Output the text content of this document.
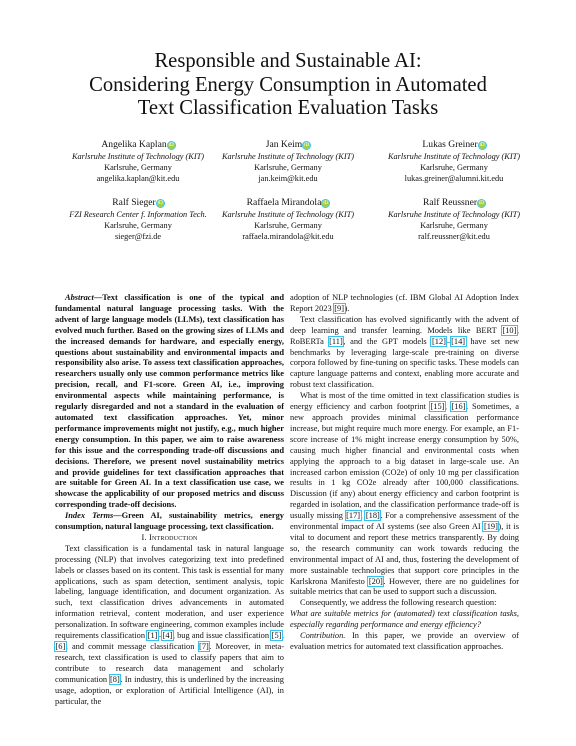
Responsible and Sustainable AI:
Considering Energy Consumption in Automated
Text Classification Evaluation Tasks
Angelika Kaplan iD
Karlsruhe Institute of Technology (KIT)
Karlsruhe, Germany
angelika.kaplan@kit.edu
Jan Keim iD
Karlsruhe Institute of Technology (KIT)
Karlsruhe, Germany
jan.keim@kit.edu
Lukas Greiner iD
Karlsruhe Institute of Technology (KIT)
Karlsruhe, Germany
lukas.greiner@alumni.kit.edu
Ralf Sieger iD
FZI Research Center f. Information Tech.
Karlsruhe, Germany
sieger@fzi.de
Raffaela Mirandola iD
Karlsruhe Institute of Technology (KIT)
Karlsruhe, Germany
raffaela.mirandola@kit.edu
Ralf Reussner iD
Karlsruhe Institute of Technology (KIT)
Karlsruhe, Germany
ralf.reussner@kit.edu

Abstract—Text classification is one of the typical and fundamental natural language processing tasks. With the advent of large language models (LLMs), text classification has evolved much further. Based on the growing sizes of LLMs and the increased demands for hardware, and especially energy, questions about sustainability and environmental impacts and responsibility also arise. To assess text classification approaches, researchers usually only use common performance metrics like precision, recall, and F1-score. Green AI, i.e., improving environmental aspects while maintaining performance, is regularly disregarded and not a standard in the evaluation of automated text classification approaches. Yet, minor performance improvements might not justify, e.g., much higher energy consumption. In this paper, we aim to raise awareness for this issue and the corresponding trade-off discussions and decisions. Therefore, we present novel sustainability metrics and provide guidelines for text classification approaches that are suitable for Green AI. In a text classification use case, we showcase the applicability of our proposed metrics and discuss corresponding trade-off decisions.

Index Terms—Green AI, sustainability metrics, energy consumption, natural language processing, text classification.

I. Introduction

Text classification is a fundamental task in natural language processing (NLP) that involves categorizing text into predefined labels or classes based on its content. This task is essential for many applications, such as spam detection, sentiment analysis, topic labeling, language identification, and document organization. As such, text classification drives advancements in automated information retrieval, content moderation, and user experience personalization. In software engineering, common examples include requirements classification [1]–[4], bug and issue classification [5], [6], and commit message classification [7]. Moreover, in meta-research, text classification is used to classify papers that aim to contribute to research data management and scholarly communication [8]. In industry, this is underlined by the increasing usage, adoption, or exploration of Artificial Intelligence (AI), in particular, the

adoption of NLP technologies (cf. IBM Global AI Adoption Index Report 2023 [9]).

Text classification has evolved significantly with the advent of deep learning and transfer learning. Models like BERT [10], RoBERTa [11], and the GPT models [12]–[14] have set new benchmarks by leveraging large-scale pre-training on diverse corpora followed by fine-tuning on specific tasks. These models can capture language patterns and context, enabling more accurate and robust text classification.

What is most of the time omitted in text classification studies is energy efficiency and carbon footprint [15], [16]. Sometimes, a new approach provides minimal classification performance increase, but might require much more energy. For example, an F1-score increase of 1% might increase energy consumption by 50%, causing much higher financial and environmental costs when applying the approach to a big dataset in large-scale use. An increased carbon emission (CO2e) of only 10 mg per classification results in 1 kg CO2e already after 100,000 classifications. Discussion (if any) about energy efficiency and carbon footprint is regarded in isolation, and the classification performance trade-off is usually missing [17], [18]. For a comprehensive assessment of the environmental impact of AI systems (see also Green AI [19]), it is vital to document and report these metrics transparently. By doing so, the research community can work towards reducing the environmental impact of AI and, thus, fostering the development of more sustainable technologies that support core principles in the Karlskrona Manifesto [20]. However, there are no guidelines for suitable metrics that can be used to support such a discussion.

Consequently, we address the following research question:

What are suitable metrics for (automated) text classification tasks, especially regarding performance and energy efficiency?

Contribution. In this paper, we provide an overview of evaluation metrics for automated text classification approaches.
